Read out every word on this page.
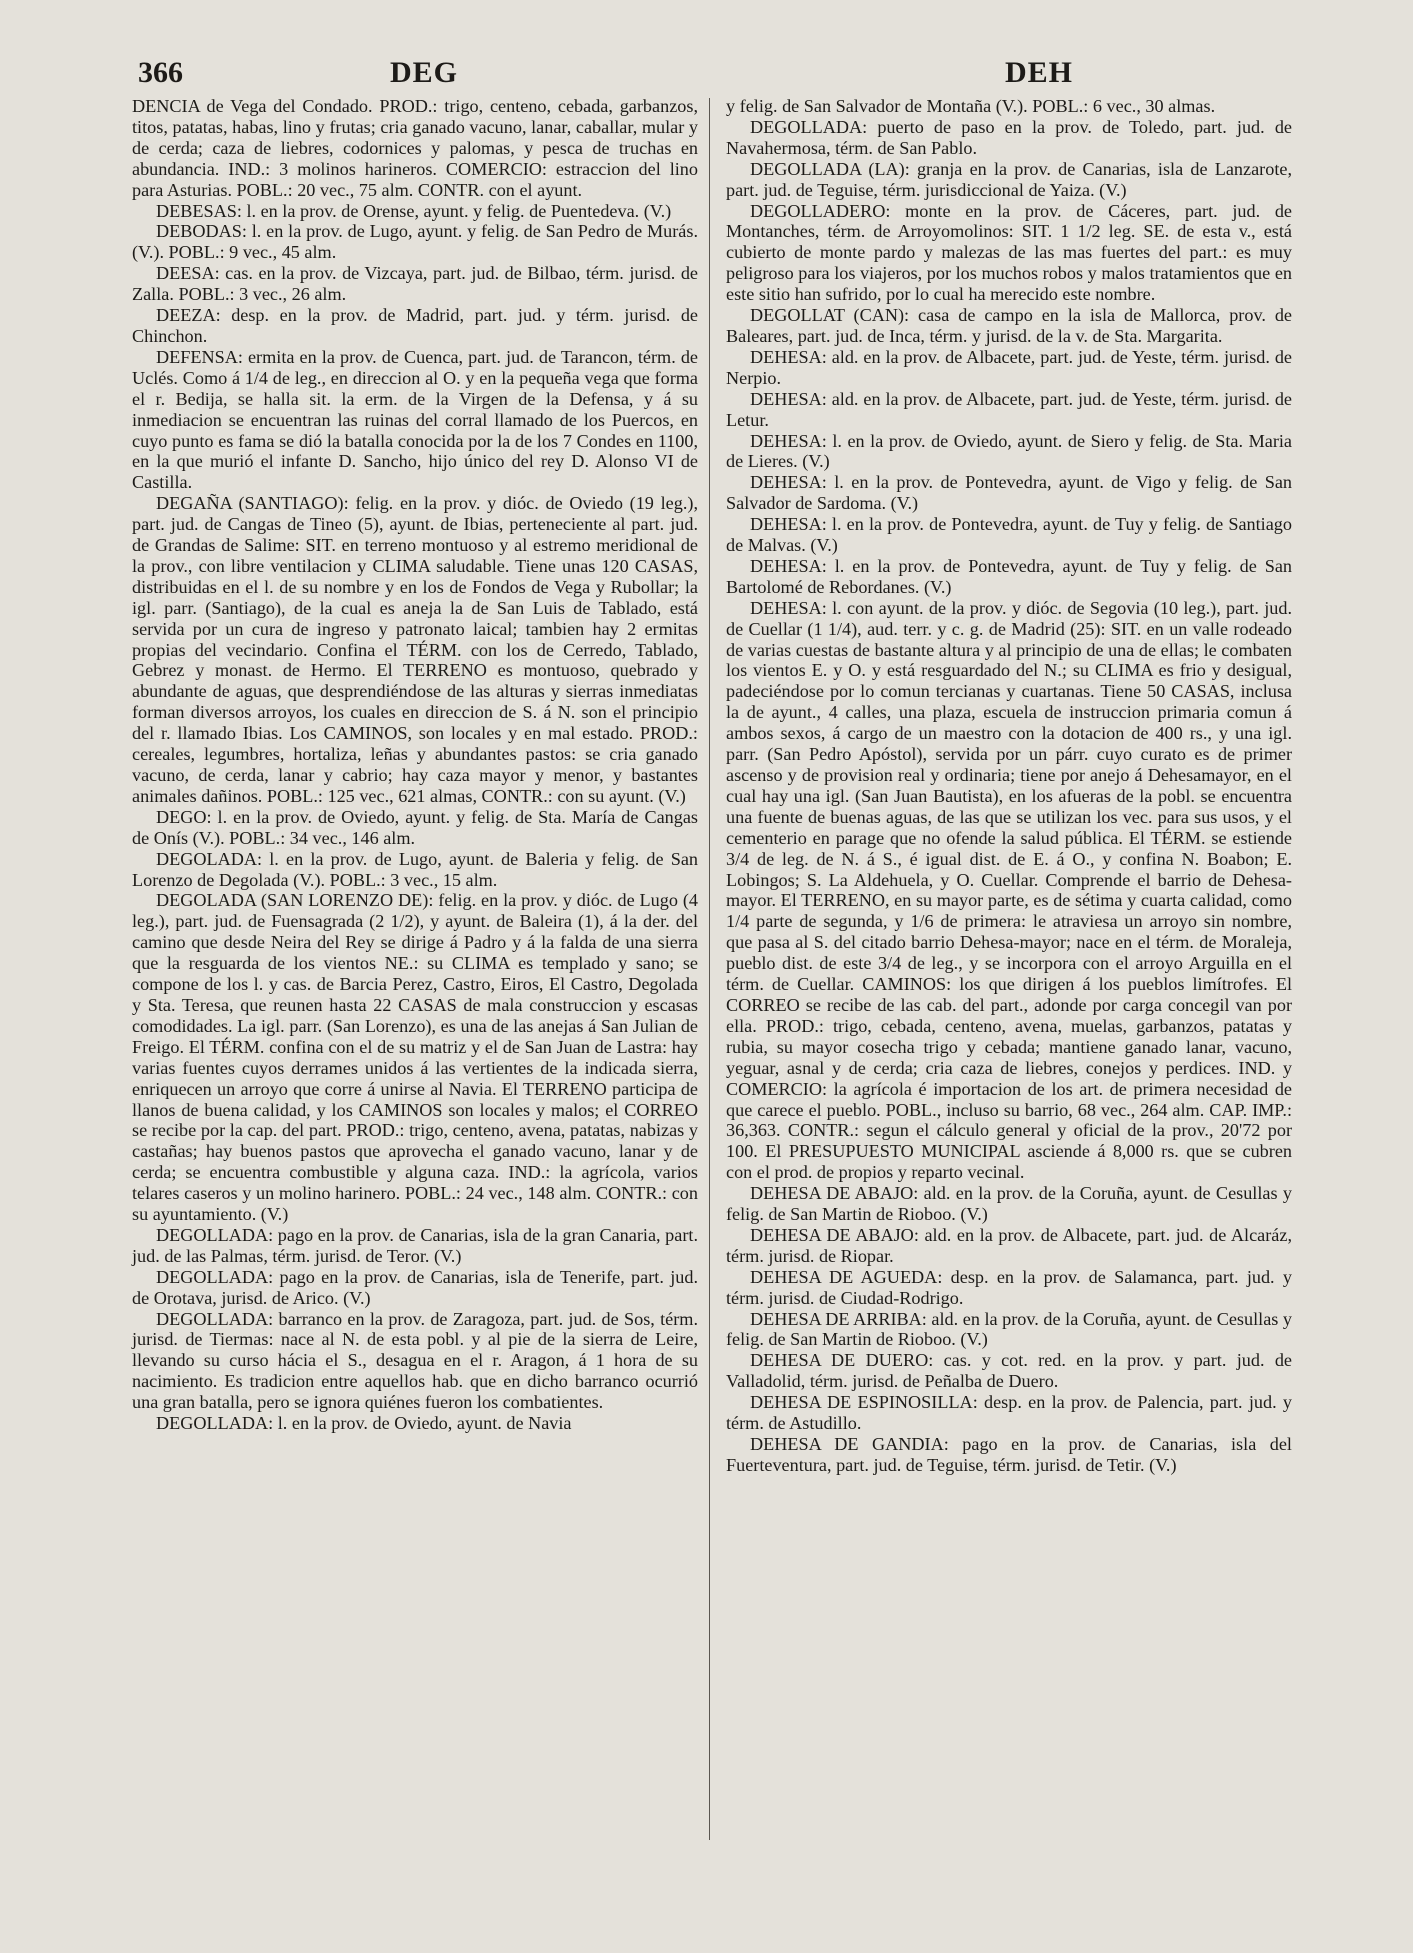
366	DEG	DEH

DENCIA de Vega del Condado. PROD.: trigo, centeno, cebada, garbanzos, titos, patatas, habas, lino y frutas; cria ganado vacuno, lanar, caballar, mular y de cerda; caza de liebres, codornices y palomas, y pesca de truchas en abundancia. IND.: 3 molinos harineros. COMERCIO: estraccion del lino para Asturias. POBL.: 20 vec., 75 alm. CONTR. con el ayunt.

DEBESAS: l. en la prov. de Orense, ayunt. y felig. de Puentedeva. (V.)

DEBODAS: l. en la prov. de Lugo, ayunt. y felig. de San Pedro de Murás. (V.). POBL.: 9 vec., 45 alm.

DEESA: cas. en la prov. de Vizcaya, part. jud. de Bilbao, térm. jurisd. de Zalla. POBL.: 3 vec., 26 alm.

DEEZA: desp. en la prov. de Madrid, part. jud. y térm. jurisd. de Chinchon.

DEFENSA: ermita en la prov. de Cuenca, part. jud. de Tarancon, térm. de Uclés. Como á 1/4 de leg., en direccion al O. y en la pequeña vega que forma el r. Bedija, se halla sit. la erm. de la Virgen de la Defensa, y á su inmediacion se encuentran las ruinas del corral llamado de los Puercos, en cuyo punto es fama se dió la batalla conocida por la de los 7 Condes en 1100, en la que murió el infante D. Sancho, hijo único del rey D. Alonso VI de Castilla.

DEGAÑA (SANTIAGO): felig. en la prov. y dióc. de Oviedo (19 leg.), part. jud. de Cangas de Tineo (5), ayunt. de Ibias, perteneciente al part. jud. de Grandas de Salime: SIT. en terreno montuoso y al estremo meridional de la prov., con libre ventilacion y CLIMA saludable. Tiene unas 120 CASAS, distribuidas en el l. de su nombre y en los de Fondos de Vega y Rubollar; la igl. parr. (Santiago), de la cual es aneja la de San Luis de Tablado, está servida por un cura de ingreso y patronato laical; tambien hay 2 ermitas propias del vecindario. Confina el TÉRM. con los de Cerredo, Tablado, Gebrez y monast. de Hermo. El TERRENO es montuoso, quebrado y abundante de aguas, que desprendiéndose de las alturas y sierras inmediatas forman diversos arroyos, los cuales en direccion de S. á N. son el principio del r. llamado Ibias. Los CAMINOS, son locales y en mal estado. PROD.: cereales, legumbres, hortaliza, leñas y abundantes pastos: se cria ganado vacuno, de cerda, lanar y cabrio; hay caza mayor y menor, y bastantes animales dañinos. POBL.: 125 vec., 621 almas, CONTR.: con su ayunt. (V.)

DEGO: l. en la prov. de Oviedo, ayunt. y felig. de Sta. María de Cangas de Onís (V.). POBL.: 34 vec., 146 alm.

DEGOLADA: l. en la prov. de Lugo, ayunt. de Baleria y felig. de San Lorenzo de Degolada (V.). POBL.: 3 vec., 15 alm.

DEGOLADA (SAN LORENZO DE): felig. en la prov. y dióc. de Lugo (4 leg.), part. jud. de Fuensagrada (2 1/2), y ayunt. de Baleira (1), á la der. del camino que desde Neira del Rey se dirige á Padro y á la falda de una sierra que la resguarda de los vientos NE.: su CLIMA es templado y sano; se compone de los l. y cas. de Barcia Perez, Castro, Eiros, El Castro, Degolada y Sta. Teresa, que reunen hasta 22 CASAS de mala construccion y escasas comodidades. La igl. parr. (San Lorenzo), es una de las anejas á San Julian de Freigo. El TÉRM. confina con el de su matriz y el de San Juan de Lastra: hay varias fuentes cuyos derrames unidos á las vertientes de la indicada sierra, enriquecen un arroyo que corre á unirse al Navia. El TERRENO participa de llanos de buena calidad, y los CAMINOS son locales y malos; el CORREO se recibe por la cap. del part. PROD.: trigo, centeno, avena, patatas, nabizas y castañas; hay buenos pastos que aprovecha el ganado vacuno, lanar y de cerda; se encuentra combustible y alguna caza. IND.: la agrícola, varios telares caseros y un molino harinero. POBL.: 24 vec., 148 alm. CONTR.: con su ayuntamiento. (V.)

DEGOLLADA: pago en la prov. de Canarias, isla de la gran Canaria, part. jud. de las Palmas, térm. jurisd. de Teror. (V.)

DEGOLLADA: pago en la prov. de Canarias, isla de Tenerife, part. jud. de Orotava, jurisd. de Arico. (V.)

DEGOLLADA: barranco en la prov. de Zaragoza, part. jud. de Sos, térm. jurisd. de Tiermas: nace al N. de esta pobl. y al pie de la sierra de Leire, llevando su curso hácia el S., desagua en el r. Aragon, á 1 hora de su nacimiento. Es tradicion entre aquellos hab. que en dicho barranco ocurrió una gran batalla, pero se ignora quiénes fueron los combatientes.

DEGOLLADA: l. en la prov. de Oviedo, ayunt. de Navia

y felig. de San Salvador de Montaña (V.). POBL.: 6 vec., 30 almas.

DEGOLLADA: puerto de paso en la prov. de Toledo, part. jud. de Navahermosa, térm. de San Pablo.

DEGOLLADA (LA): granja en la prov. de Canarias, isla de Lanzarote, part. jud. de Teguise, térm. jurisdiccional de Yaiza. (V.)

DEGOLLADERO: monte en la prov. de Cáceres, part. jud. de Montanches, térm. de Arroyomolinos: SIT. 1 1/2 leg. SE. de esta v., está cubierto de monte pardo y malezas de las mas fuertes del part.: es muy peligroso para los viajeros, por los muchos robos y malos tratamientos que en este sitio han sufrido, por lo cual ha merecido este nombre.

DEGOLLAT (CAN): casa de campo en la isla de Mallorca, prov. de Baleares, part. jud. de Inca, térm. y jurisd. de la v. de Sta. Margarita.

DEHESA: ald. en la prov. de Albacete, part. jud. de Yeste, térm. jurisd. de Nerpio.

DEHESA: ald. en la prov. de Albacete, part. jud. de Yeste, térm. jurisd. de Letur.

DEHESA: l. en la prov. de Oviedo, ayunt. de Siero y felig. de Sta. Maria de Lieres. (V.)

DEHESA: l. en la prov. de Pontevedra, ayunt. de Vigo y felig. de San Salvador de Sardoma. (V.)

DEHESA: l. en la prov. de Pontevedra, ayunt. de Tuy y felig. de Santiago de Malvas. (V.)

DEHESA: l. en la prov. de Pontevedra, ayunt. de Tuy y felig. de San Bartolomé de Rebordanes. (V.)

DEHESA: l. con ayunt. de la prov. y dióc. de Segovia (10 leg.), part. jud. de Cuellar (1 1/4), aud. terr. y c. g. de Madrid (25): SIT. en un valle rodeado de varias cuestas de bastante altura y al principio de una de ellas; le combaten los vientos E. y O. y está resguardado del N.; su CLIMA es frio y desigual, padeciéndose por lo comun tercianas y cuartanas. Tiene 50 CASAS, inclusa la de ayunt., 4 calles, una plaza, escuela de instruccion primaria comun á ambos sexos, á cargo de un maestro con la dotacion de 400 rs., y una igl. parr. (San Pedro Apóstol), servida por un párr. cuyo curato es de primer ascenso y de provision real y ordinaria; tiene por anejo á Dehesamayor, en el cual hay una igl. (San Juan Bautista), en los afueras de la pobl. se encuentra una fuente de buenas aguas, de las que se utilizan los vec. para sus usos, y el cementerio en parage que no ofende la salud pública. El TÉRM. se estiende 3/4 de leg. de N. á S., é igual dist. de E. á O., y confina N. Boabon; E. Lobingos; S. La Aldehuela, y O. Cuellar. Comprende el barrio de Dehesa-mayor. El TERRENO, en su mayor parte, es de sétima y cuarta calidad, como 1/4 parte de segunda, y 1/6 de primera: le atraviesa un arroyo sin nombre, que pasa al S. del citado barrio Dehesa-mayor; nace en el térm. de Moraleja, pueblo dist. de este 3/4 de leg., y se incorpora con el arroyo Arguilla en el térm. de Cuellar. CAMINOS: los que dirigen á los pueblos limítrofes. El CORREO se recibe de las cab. del part., adonde por carga concegil van por ella. PROD.: trigo, cebada, centeno, avena, muelas, garbanzos, patatas y rubia, su mayor cosecha trigo y cebada; mantiene ganado lanar, vacuno, yeguar, asnal y de cerda; cria caza de liebres, conejos y perdices. IND. y COMERCIO: la agrícola é importacion de los art. de primera necesidad de que carece el pueblo. POBL., incluso su barrio, 68 vec., 264 alm. CAP. IMP.: 36,363. CONTR.: segun el cálculo general y oficial de la prov., 20'72 por 100. El PRESUPUESTO MUNICIPAL asciende á 8,000 rs. que se cubren con el prod. de propios y reparto vecinal.

DEHESA DE ABAJO: ald. en la prov. de la Coruña, ayunt. de Cesullas y felig. de San Martin de Rioboo. (V.)

DEHESA DE ABAJO: ald. en la prov. de Albacete, part. jud. de Alcaráz, térm. jurisd. de Riopar.

DEHESA DE AGUEDA: desp. en la prov. de Salamanca, part. jud. y térm. jurisd. de Ciudad-Rodrigo.

DEHESA DE ARRIBA: ald. en la prov. de la Coruña, ayunt. de Cesullas y felig. de San Martin de Rioboo. (V.)

DEHESA DE DUERO: cas. y cot. red. en la prov. y part. jud. de Valladolid, térm. jurisd. de Peñalba de Duero.

DEHESA DE ESPINOSILLA: desp. en la prov. de Palencia, part. jud. y térm. de Astudillo.

DEHESA DE GANDIA: pago en la prov. de Canarias, isla del Fuerteventura, part. jud. de Teguise, térm. jurisd. de Tetir. (V.)
